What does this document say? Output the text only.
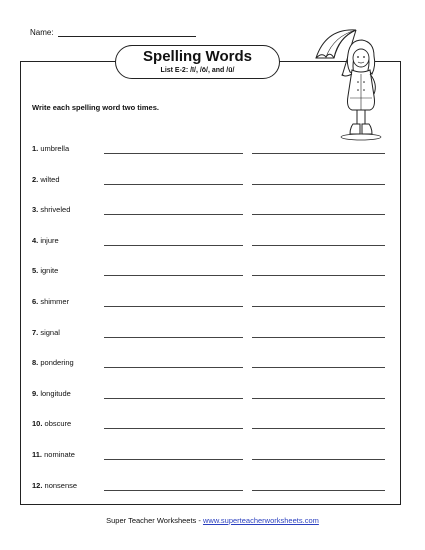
Name:
Spelling Words
List E-2: /ī/, /ō/, and /ū/
Write each spelling word two times.
1. umbrella
2. wilted
3. shriveled
4. injure
5. ignite
6. shimmer
7. signal
8. pondering
9. longitude
10. obscure
11. nominate
12. nonsense
Super Teacher Worksheets - www.superteacherworksheets.com
